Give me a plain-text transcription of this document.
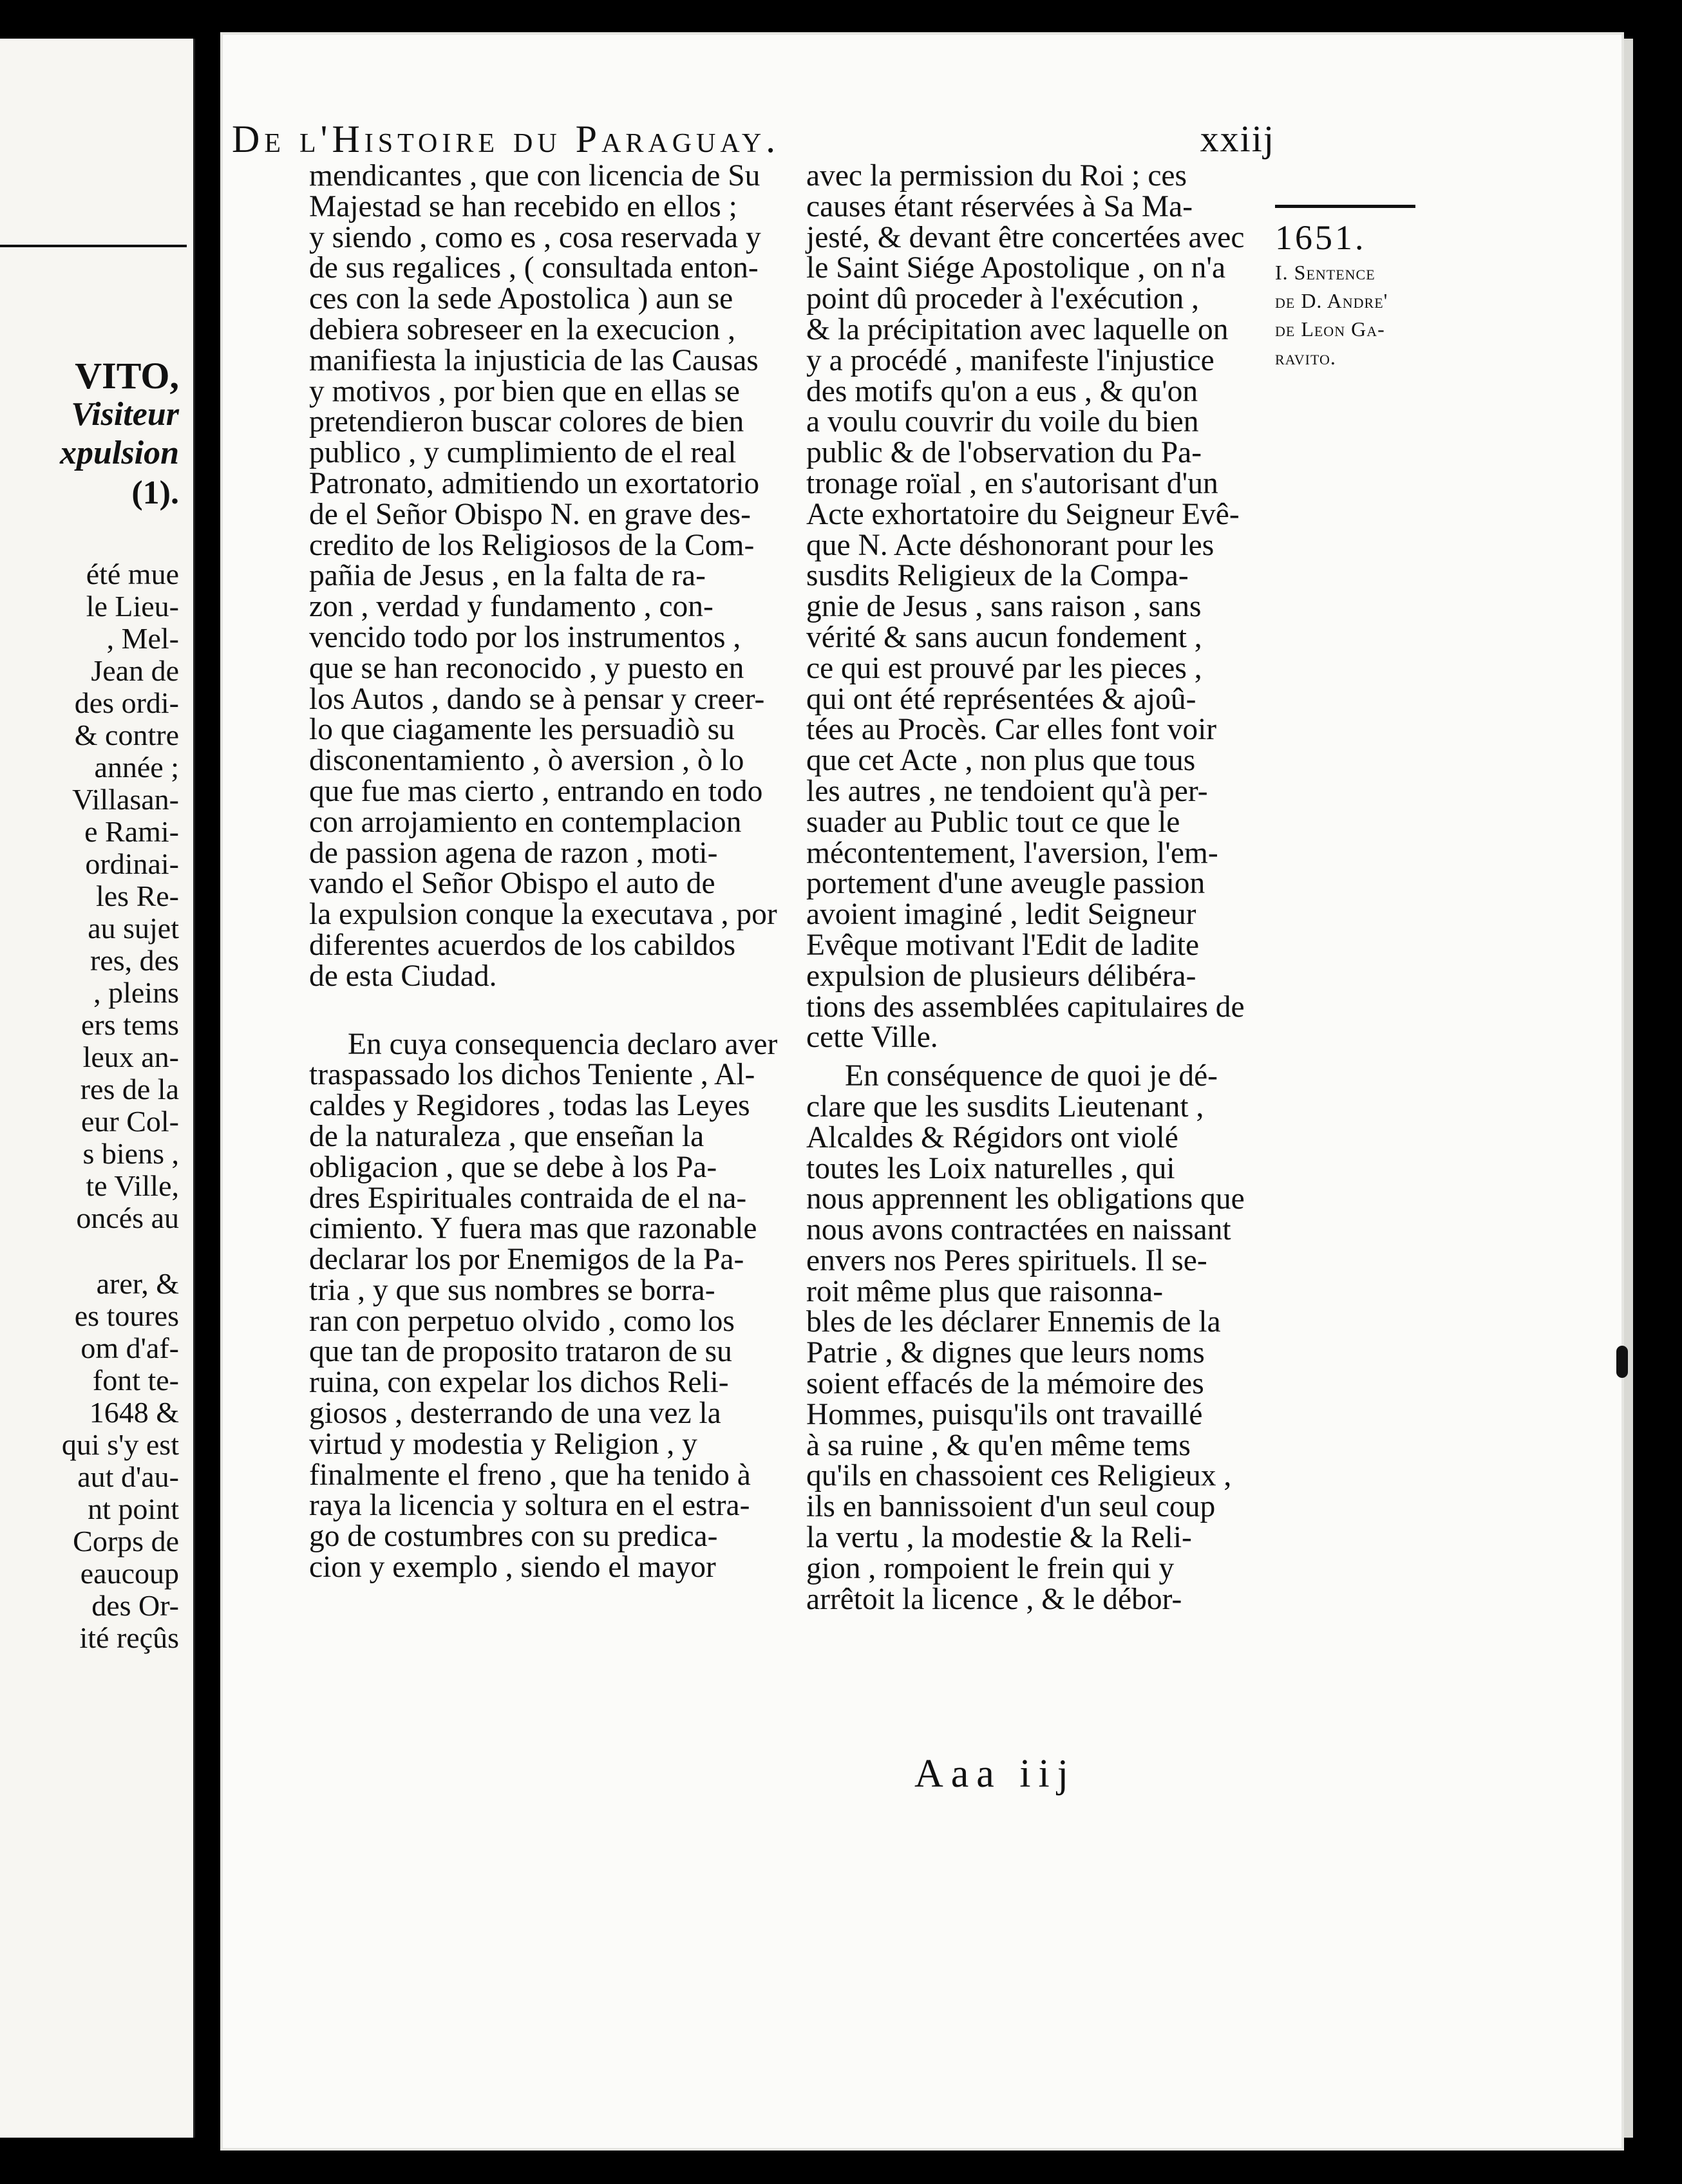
VITO,
Visiteur
xpulsion
(1).
été mue
le Lieu-
, Mel-
Jean de
des ordi-
& contre
année ;
Villasan-
e Rami-
ordinai-
les Re-
au sujet
res, des
, pleins
ers tems
leux an-
res de la
eur Col-
s biens ,
te Ville,
oncés au
arer, &
es toures
om d'af-
font te-
1648 &
qui s'y est
aut d'au-
nt point
Corps de
eaucoup
des Or-
ité reçûs
De l'Histoire du Paraguay.	xxiij
1651.
I. Sentence
de D. Andre'
de Leon Ga-
ravito.
mendicantes , que con licencia de Su
Majestad se han recebido en ellos ;
y siendo , como es , cosa reservada y
de sus regalices , ( consultada enton-
ces con la sede Apostolica ) aun se
debiera sobreseer en la execucion ,
manifiesta la injusticia de las Causas
y motivos , por bien que en ellas se
pretendieron buscar colores de bien
publico , y cumplimiento de el real
Patronato, admitiendo un exortatorio
de el Señor Obispo N. en grave des-
credito de los Religiosos de la Com-
pañia de Jesus , en la falta de ra-
zon , verdad y fundamento , con-
vencido todo por los instrumentos ,
que se han reconocido , y puesto en
los Autos , dando se à pensar y creer-
lo que ciagamente les persuadiò su
disconentamiento , ò aversion , ò lo
que fue mas cierto , entrando en todo
con arrojamiento en contemplacion
de passion agena de razon , moti-
vando el Señor Obispo el auto de
la expulsion conque la executava , por
diferentes acuerdos de los cabildos
de esta Ciudad.
En cuya consequencia declaro aver
traspassado los dichos Teniente , Al-
caldes y Regidores , todas las Leyes
de la naturaleza , que enseñan la
obligacion , que se debe à los Pa-
dres Espirituales contraida de el na-
cimiento. Y fuera mas que razonable
declarar los por Enemigos de la Pa-
tria , y que sus nombres se borra-
ran con perpetuo olvido , como los
que tan de proposito trataron de su
ruina, con expelar los dichos Reli-
giosos , desterrando de una vez la
virtud y modestia y Religion , y
finalmente el freno , que ha tenido à
raya la licencia y soltura en el estra-
go de costumbres con su predica-
cion y exemplo , siendo el mayor
avec la permission du Roi ; ces
causes étant réservées à Sa Ma-
jesté, & devant être concertées avec
le Saint Siége Apostolique , on n'a
point dû proceder à l'exécution ,
& la précipitation avec laquelle on
y a procédé , manifeste l'injustice
des motifs qu'on a eus , & qu'on
a voulu couvrir du voile du bien
public & de l'observation du Pa-
tronage roïal , en s'autorisant d'un
Acte exhortatoire du Seigneur Evê-
que N. Acte déshonorant pour les
susdits Religieux de la Compa-
gnie de Jesus , sans raison , sans
vérité & sans aucun fondement ,
ce qui est prouvé par les pieces ,
qui ont été représentées & ajoû-
tées au Procès. Car elles font voir
que cet Acte , non plus que tous
les autres , ne tendoient qu'à per-
suader au Public tout ce que le
mécontentement, l'aversion, l'em-
portement d'une aveugle passion
avoient imaginé , ledit Seigneur
Evêque motivant l'Edit de ladite
expulsion de plusieurs délibéra-
tions des assemblées capitulaires de
cette Ville.
En conséquence de quoi je dé-
clare que les susdits Lieutenant ,
Alcaldes & Régidors ont violé
toutes les Loix naturelles , qui
nous apprennent les obligations que
nous avons contractées en naissant
envers nos Peres spirituels. Il se-
roit même plus que raisonna-
bles de les déclarer Ennemis de la
Patrie , & dignes que leurs noms
soient effacés de la mémoire des
Hommes, puisqu'ils ont travaillé
à sa ruine , & qu'en même tems
qu'ils en chassoient ces Religieux ,
ils en bannissoient d'un seul coup
la vertu , la modestie & la Reli-
gion , rompoient le frein qui y
arrêtoit la licence , & le débor-
Aaa iij
